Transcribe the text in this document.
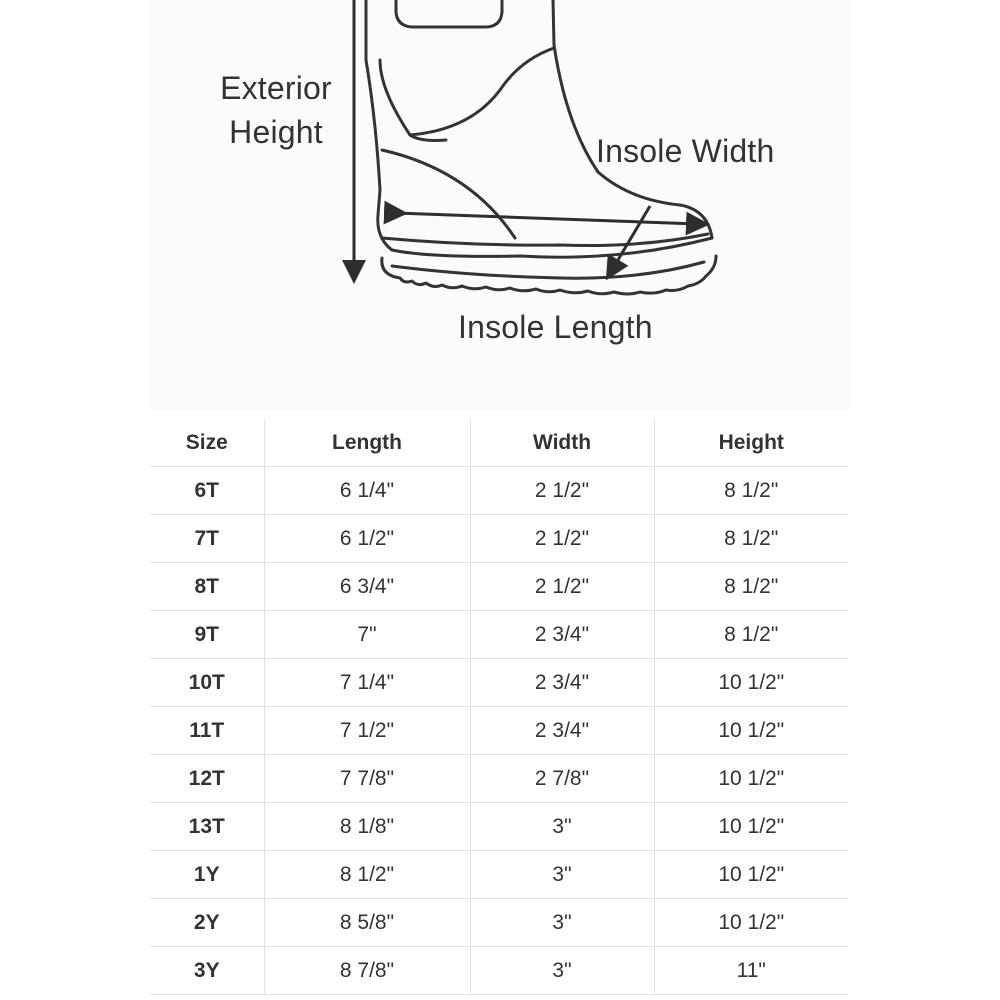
Exterior
Height
Insole Width
Insole Length
Size	Length	Width	Height
6T	6 1/4"	2 1/2"	8 1/2"
7T	6 1/2"	2 1/2"	8 1/2"
8T	6 3/4"	2 1/2"	8 1/2"
9T	7"	2 3/4"	8 1/2"
10T	7 1/4"	2 3/4"	10 1/2"
11T	7 1/2"	2 3/4"	10 1/2"
12T	7 7/8"	2 7/8"	10 1/2"
13T	8 1/8"	3"	10 1/2"
1Y	8 1/2"	3"	10 1/2"
2Y	8 5/8"	3"	10 1/2"
3Y	8 7/8"	3"	11"
